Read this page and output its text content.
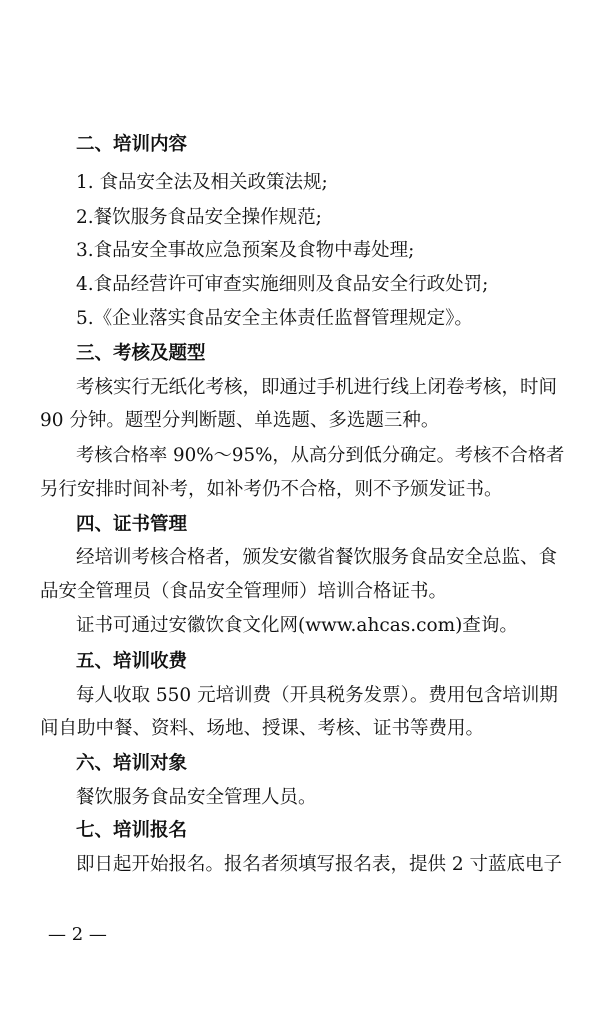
二、培训内容
1. 食品安全法及相关政策法规;
2.餐饮服务食品安全操作规范;
3.食品安全事故应急预案及食物中毒处理;
4.食品经营许可审查实施细则及食品安全行政处罚;
5.《企业落实食品安全主体责任监督管理规定》。
三、考核及题型
考核实行无纸化考核，即通过手机进行线上闭卷考核，时间
90 分钟。题型分判断题、单选题、多选题三种。
考核合格率 90%～95%，从高分到低分确定。考核不合格者
另行安排时间补考，如补考仍不合格，则不予颁发证书。
四、证书管理
经培训考核合格者，颁发安徽省餐饮服务食品安全总监、食
品安全管理员（食品安全管理师）培训合格证书。
证书可通过安徽饮食文化网(www.ahcas.com)查询。
五、培训收费
每人收取 550 元培训费（开具税务发票）。费用包含培训期
间自助中餐、资料、场地、授课、考核、证书等费用。
六、培训对象
餐饮服务食品安全管理人员。
七、培训报名
即日起开始报名。报名者须填写报名表，提供 2 寸蓝底电子
— 2 —
